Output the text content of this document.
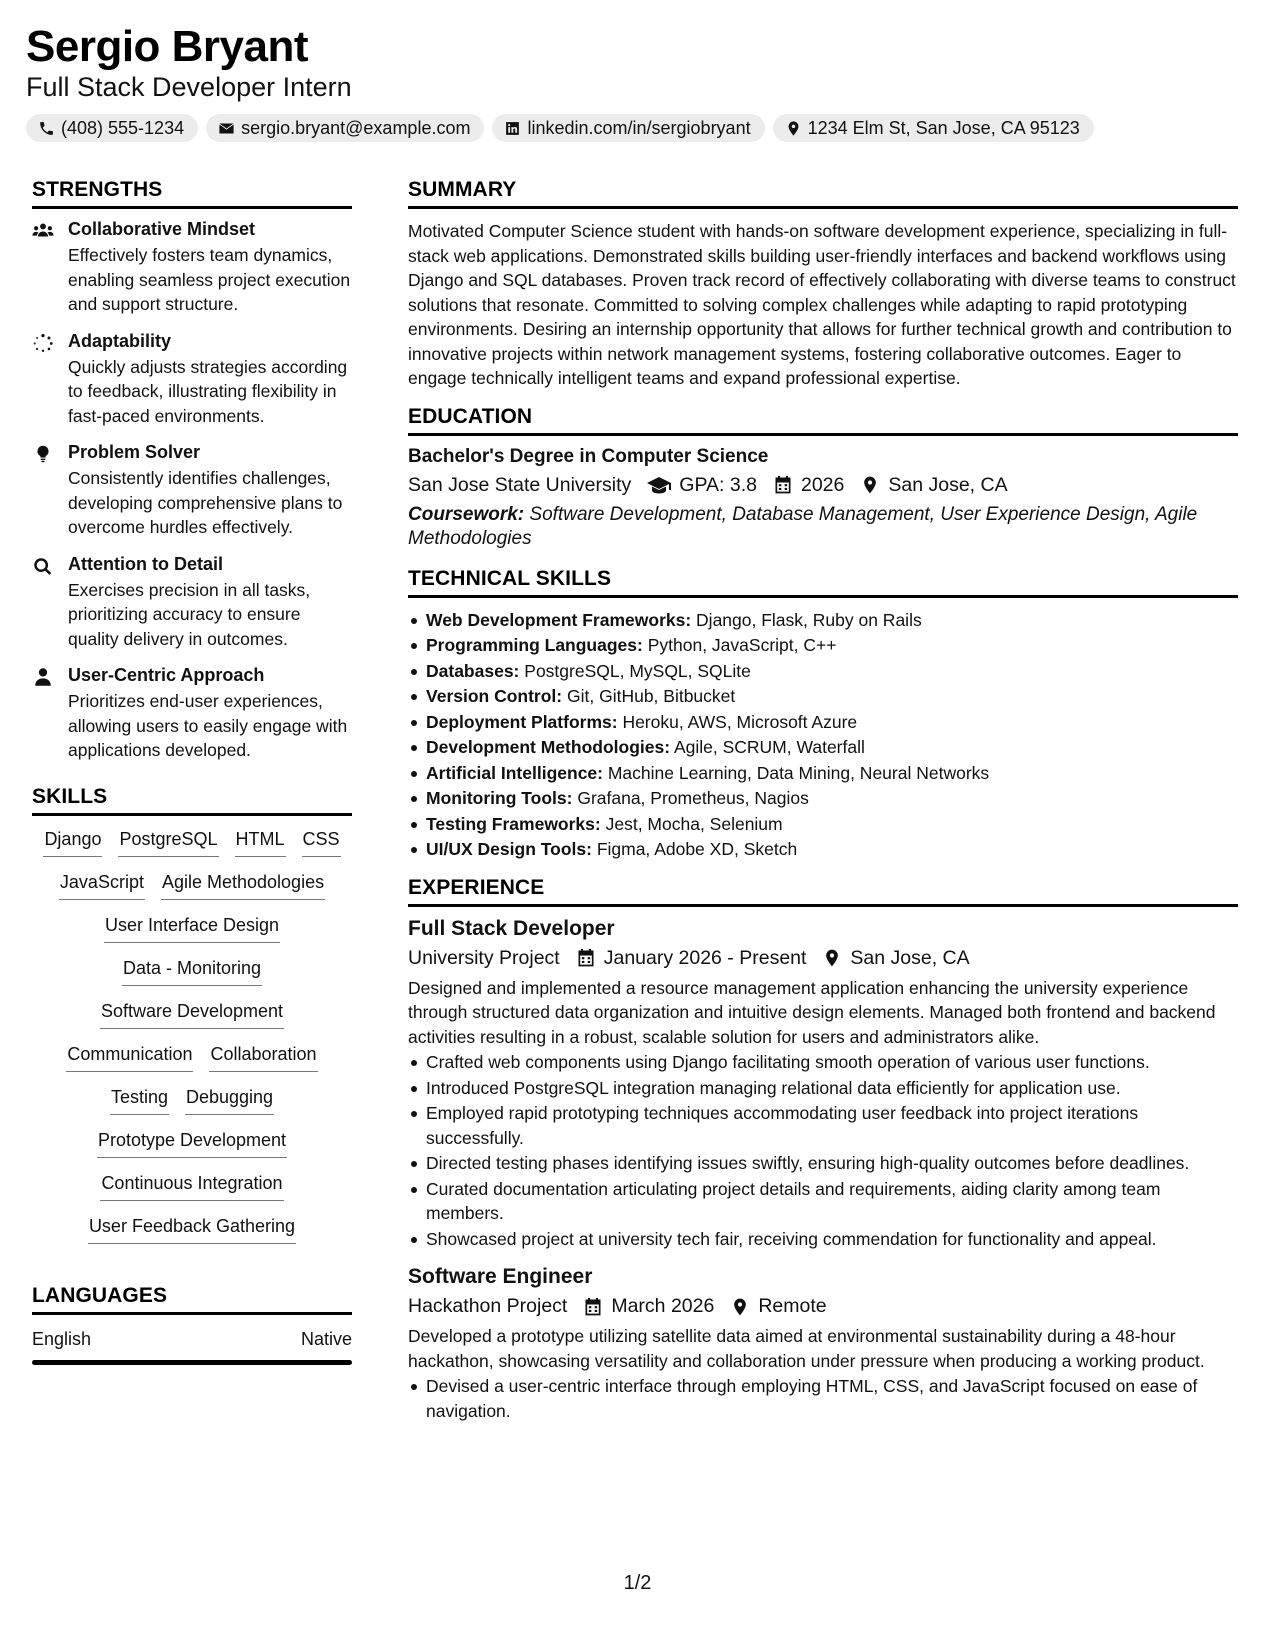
Sergio Bryant
Full Stack Developer Intern
(408) 555-1234	sergio.bryant@example.com	linkedin.com/in/sergiobryant	1234 Elm St, San Jose, CA 95123
STRENGTHS
Collaborative Mindset
Effectively fosters team dynamics, enabling seamless project execution and support structure.
Adaptability
Quickly adjusts strategies according to feedback, illustrating flexibility in fast-paced environments.
Problem Solver
Consistently identifies challenges, developing comprehensive plans to overcome hurdles effectively.
Attention to Detail
Exercises precision in all tasks, prioritizing accuracy to ensure quality delivery in outcomes.
User-Centric Approach
Prioritizes end-user experiences, allowing users to easily engage with applications developed.
SKILLS
Django PostgreSQL HTML CSS
JavaScript Agile Methodologies
User Interface Design
Data - Monitoring
Software Development
Communication Collaboration
Testing Debugging
Prototype Development
Continuous Integration
User Feedback Gathering
LANGUAGES
English	Native
SUMMARY
Motivated Computer Science student with hands-on software development experience, specializing in full-stack web applications. Demonstrated skills building user-friendly interfaces and backend workflows using Django and SQL databases. Proven track record of effectively collaborating with diverse teams to construct solutions that resonate. Committed to solving complex challenges while adapting to rapid prototyping environments. Desiring an internship opportunity that allows for further technical growth and contribution to innovative projects within network management systems, fostering collaborative outcomes. Eager to engage technically intelligent teams and expand professional expertise.
EDUCATION
Bachelor's Degree in Computer Science
San Jose State University GPA: 3.8 2026 San Jose, CA
Coursework: Software Development, Database Management, User Experience Design, Agile Methodologies
TECHNICAL SKILLS
Web Development Frameworks: Django, Flask, Ruby on Rails
Programming Languages: Python, JavaScript, C++
Databases: PostgreSQL, MySQL, SQLite
Version Control: Git, GitHub, Bitbucket
Deployment Platforms: Heroku, AWS, Microsoft Azure
Development Methodologies: Agile, SCRUM, Waterfall
Artificial Intelligence: Machine Learning, Data Mining, Neural Networks
Monitoring Tools: Grafana, Prometheus, Nagios
Testing Frameworks: Jest, Mocha, Selenium
UI/UX Design Tools: Figma, Adobe XD, Sketch
EXPERIENCE
Full Stack Developer
University Project January 2026 - Present San Jose, CA
Designed and implemented a resource management application enhancing the university experience through structured data organization and intuitive design elements. Managed both frontend and backend activities resulting in a robust, scalable solution for users and administrators alike.
Crafted web components using Django facilitating smooth operation of various user functions.
Introduced PostgreSQL integration managing relational data efficiently for application use.
Employed rapid prototyping techniques accommodating user feedback into project iterations successfully.
Directed testing phases identifying issues swiftly, ensuring high-quality outcomes before deadlines.
Curated documentation articulating project details and requirements, aiding clarity among team members.
Showcased project at university tech fair, receiving commendation for functionality and appeal.
Software Engineer
Hackathon Project March 2026 Remote
Developed a prototype utilizing satellite data aimed at environmental sustainability during a 48-hour hackathon, showcasing versatility and collaboration under pressure when producing a working product.
Devised a user-centric interface through employing HTML, CSS, and JavaScript focused on ease of navigation.
1/2
